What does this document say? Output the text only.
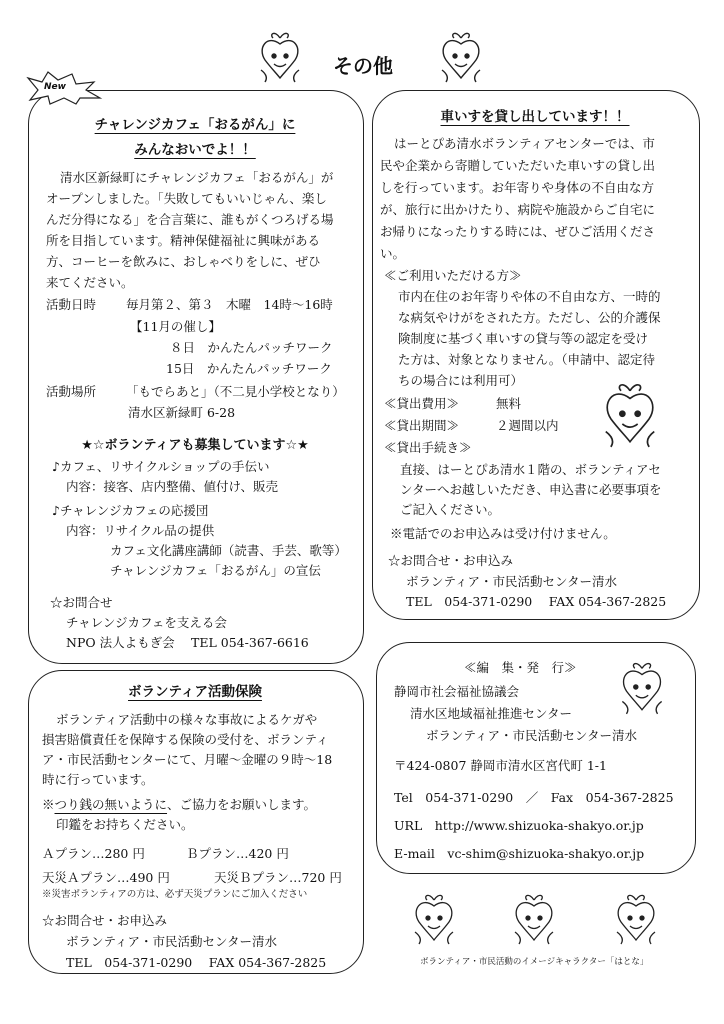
その他
New
チャレンジカフェ「おるがん」に
みんなおいでよ！！
清水区新緑町にチャレンジカフェ「おるがん」が
オープンしました。「失敗してもいいじゃん、楽し
んだ分得になる」を合言葉に、誰もがくつろげる場
所を目指しています。精神保健福祉に興味がある
方、コーヒーを飲みに、おしゃべりをしに、ぜひ
来てください。
活動日時 毎月第２、第３　木曜　14時～16時
【11月の催し】
８日　かんたんパッチワーク
15日　かんたんパッチワーク
活動場所 「もでらあと」（不二見小学校となり）
清水区新緑町 6-28
★☆ボランティアも募集しています☆★
♪カフェ、リサイクルショップの手伝い
内容：接客、店内整備、値付け、販売
♪チャレンジカフェの応援団
内容：リサイクル品の提供
カフェ文化講座講師（読書、手芸、歌等）
チャレンジカフェ「おるがん」の宣伝
☆お問合せ
チャレンジカフェを支える会
NPO 法人よもぎ会　 TEL 054-367-6616
車いすを貸し出しています！！
はーとぴあ清水ボランティアセンターでは、市
民や企業から寄贈していただいた車いすの貸し出
しを行っています。お年寄りや身体の不自由な方
が、旅行に出かけたり、病院や施設からご自宅に
お帰りになったりする時には、ぜひご活用くださ
い。
≪ご利用いただける方≫
市内在住のお年寄りや体の不自由な方、一時的
な病気やけがをされた方。ただし、公的介護保
険制度に基づく車いすの貸与等の認定を受け
た方は、対象となりません。（申請中、認定待
ちの場合には利用可）
≪貸出費用≫	無料
≪貸出期間≫	２週間以内
≪貸出手続き≫
直接、はーとぴあ清水１階の、ボランティアセ
ンターへお越しいただき、申込書に必要事項を
ご記入ください。
※電話でのお申込みは受け付けません。
☆お問合せ・お申込み
ボランティア・市民活動センター清水
TEL　054-371-0290　 FAX 054-367-2825
ボランティア活動保険
ボランティア活動中の様々な事故によるケガや
損害賠償責任を保障する保険の受付を、ボランティ
ア・市民活動センターにて、月曜～金曜の９時～18
時に行っています。
※つり銭の無いように、ご協力をお願いします。
印鑑をお持ちください。
Ａプラン…280 円	Ｂプラン…420 円
天災Ａプラン…490 円	天災Ｂプラン…720 円
※災害ボランティアの方は、必ず天災プランにご加入ください
☆お問合せ・お申込み
ボランティア・市民活動センター清水
TEL　054-371-0290　 FAX 054-367-2825
≪編　集・発　行≫
静岡市社会福祉協議会
清水区地域福祉推進センター
ボランティア・市民活動センター清水
〒424-0807 静岡市清水区宮代町 1-1
Tel　054-371-0290　／　Fax　054-367-2825
URL　http://www.shizuoka-shakyo.or.jp
E-mail　vc-shim@shizuoka-shakyo.or.jp
ボランティア・市民活動のイメージキャラクター「はとな」
